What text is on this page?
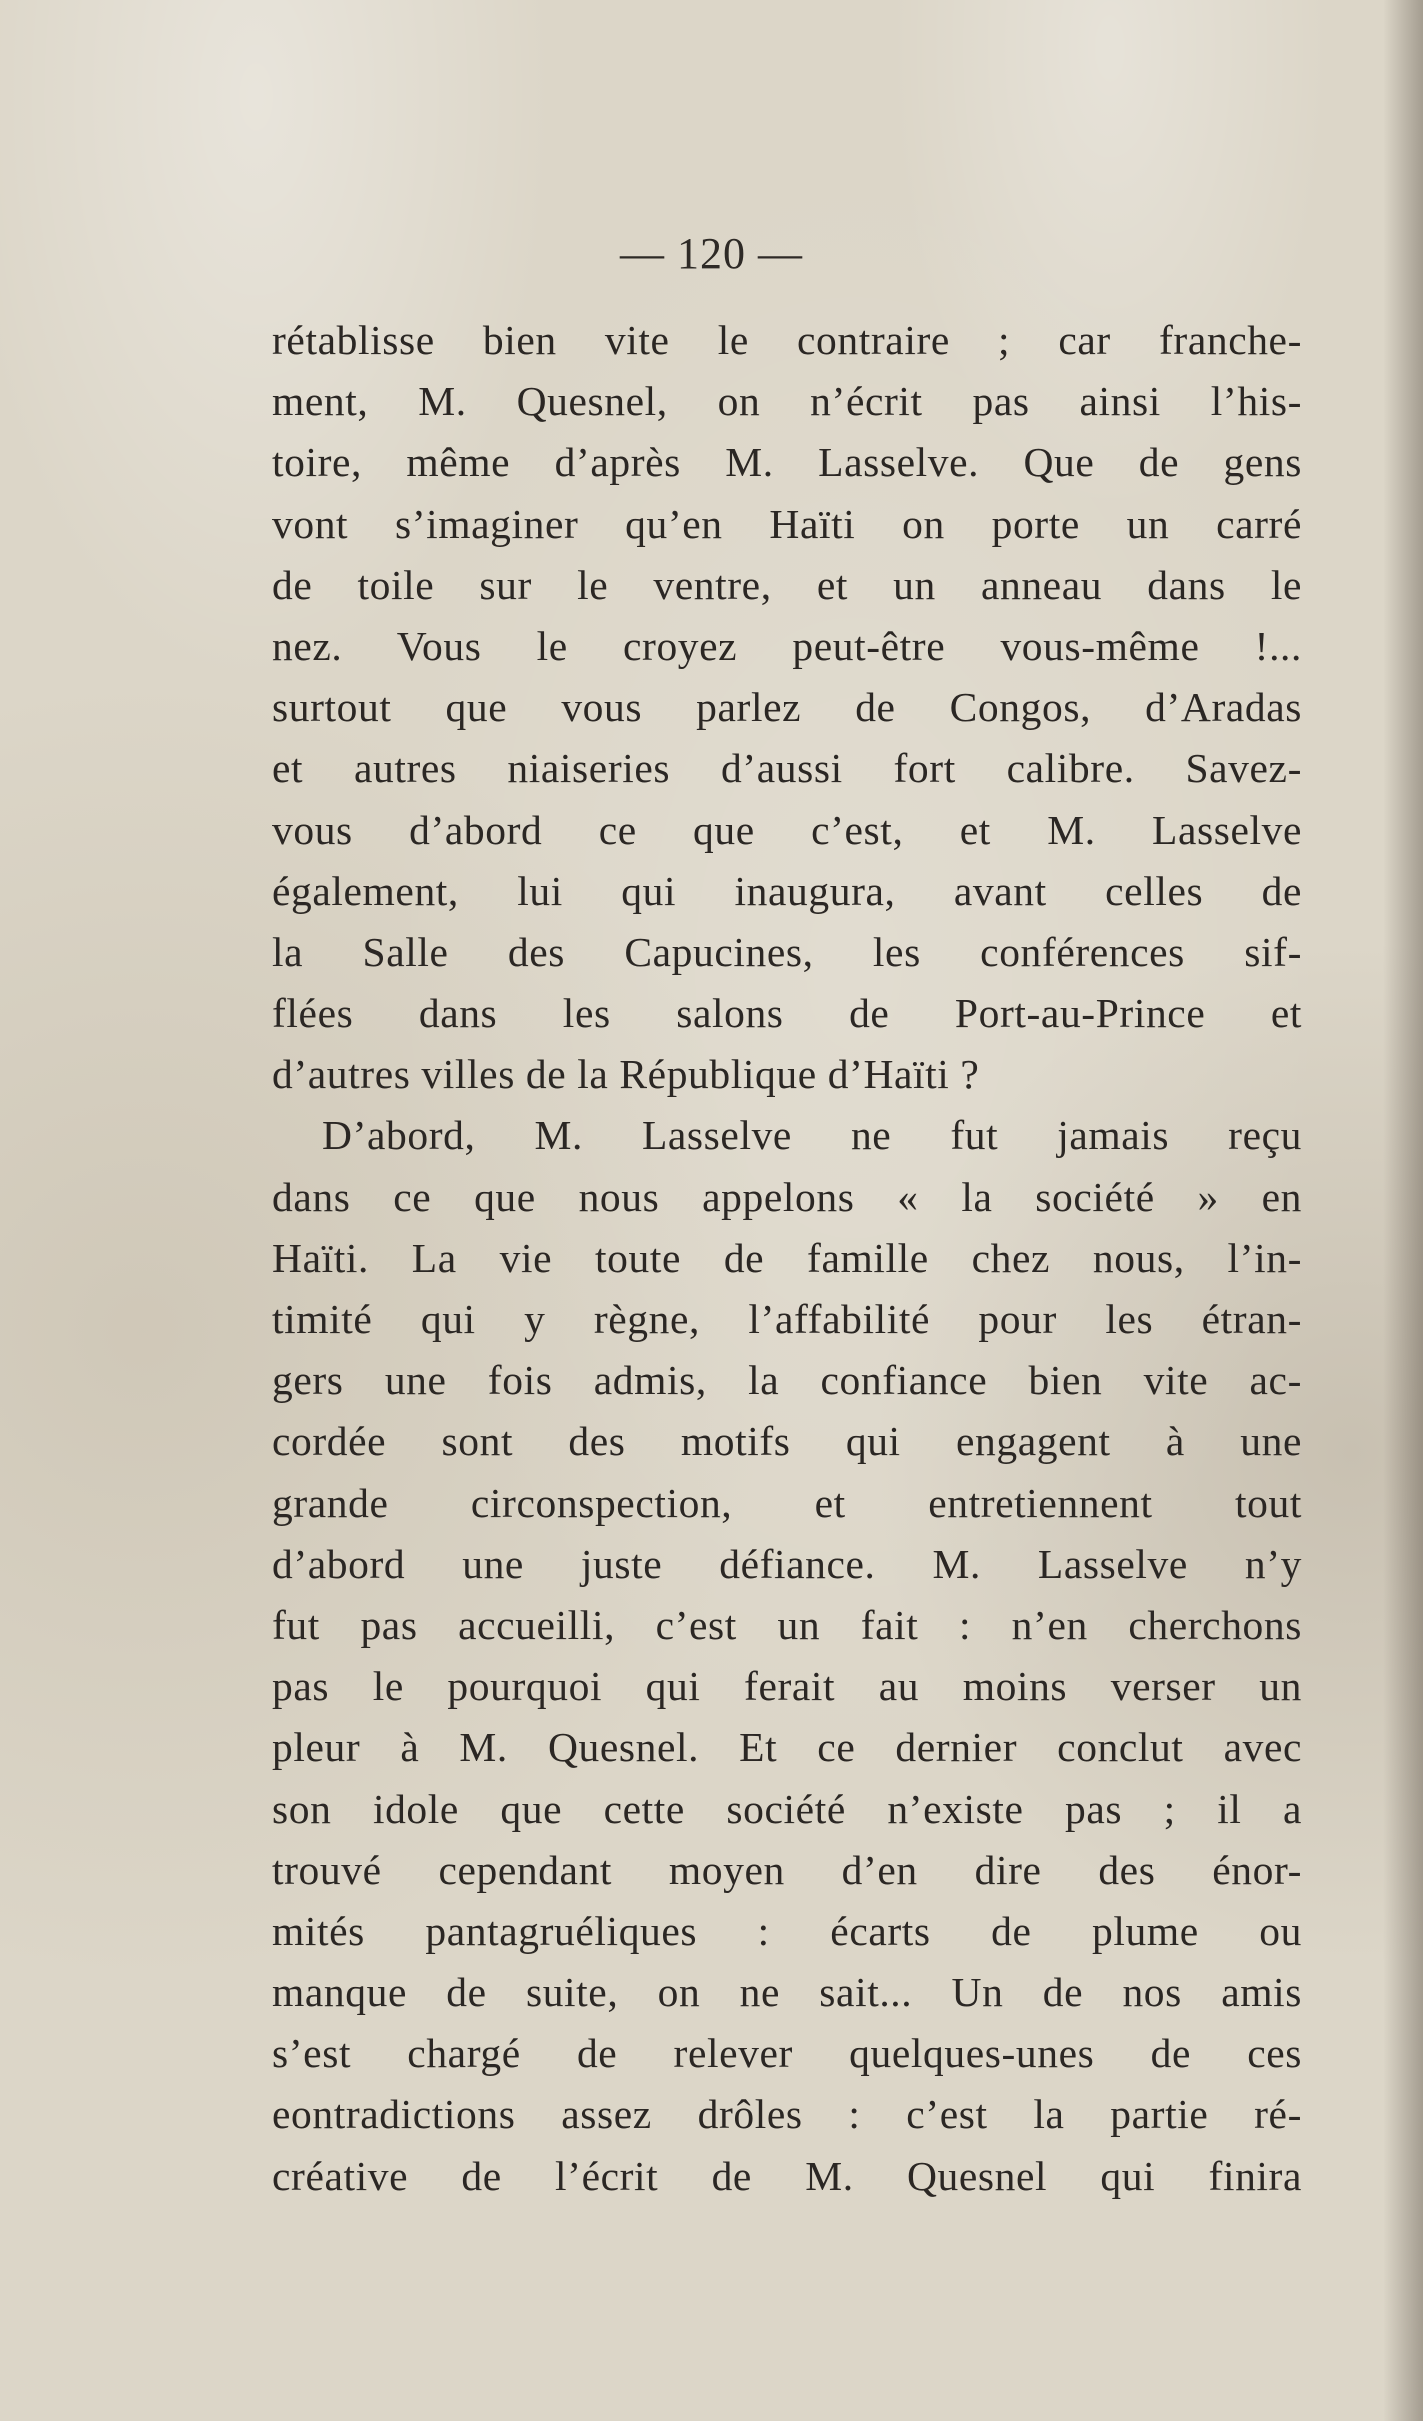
— 120 —
rétablisse bien vite le contraire ; car franche-
ment, M. Quesnel, on n’écrit pas ainsi l’his-
toire, même d’après M. Lasselve. Que de gens
vont s’imaginer qu’en Haïti on porte un carré
de toile sur le ventre, et un anneau dans le
nez. Vous le croyez peut-être vous-même !...
surtout que vous parlez de Congos, d’Aradas
et autres niaiseries d’aussi fort calibre. Savez-
vous d’abord ce que c’est, et M. Lasselve
également, lui qui inaugura, avant celles de
la Salle des Capucines, les conférences sif-
flées dans les salons de Port-au-Prince et
d’autres villes de la République d’Haïti ?
D’abord, M. Lasselve ne fut jamais reçu
dans ce que nous appelons « la société » en
Haïti. La vie toute de famille chez nous, l’in-
timité qui y règne, l’affabilité pour les étran-
gers une fois admis, la confiance bien vite ac-
cordée sont des motifs qui engagent à une
grande circonspection, et entretiennent tout
d’abord une juste défiance. M. Lasselve n’y
fut pas accueilli, c’est un fait : n’en cherchons
pas le pourquoi qui ferait au moins verser un
pleur à M. Quesnel. Et ce dernier conclut avec
son idole que cette société n’existe pas ; il a
trouvé cependant moyen d’en dire des énor-
mités pantagruéliques : écarts de plume ou
manque de suite, on ne sait... Un de nos amis
s’est chargé de relever quelques-unes de ces
eontradictions assez drôles : c’est la partie ré-
créative de l’écrit de M. Quesnel qui finira
